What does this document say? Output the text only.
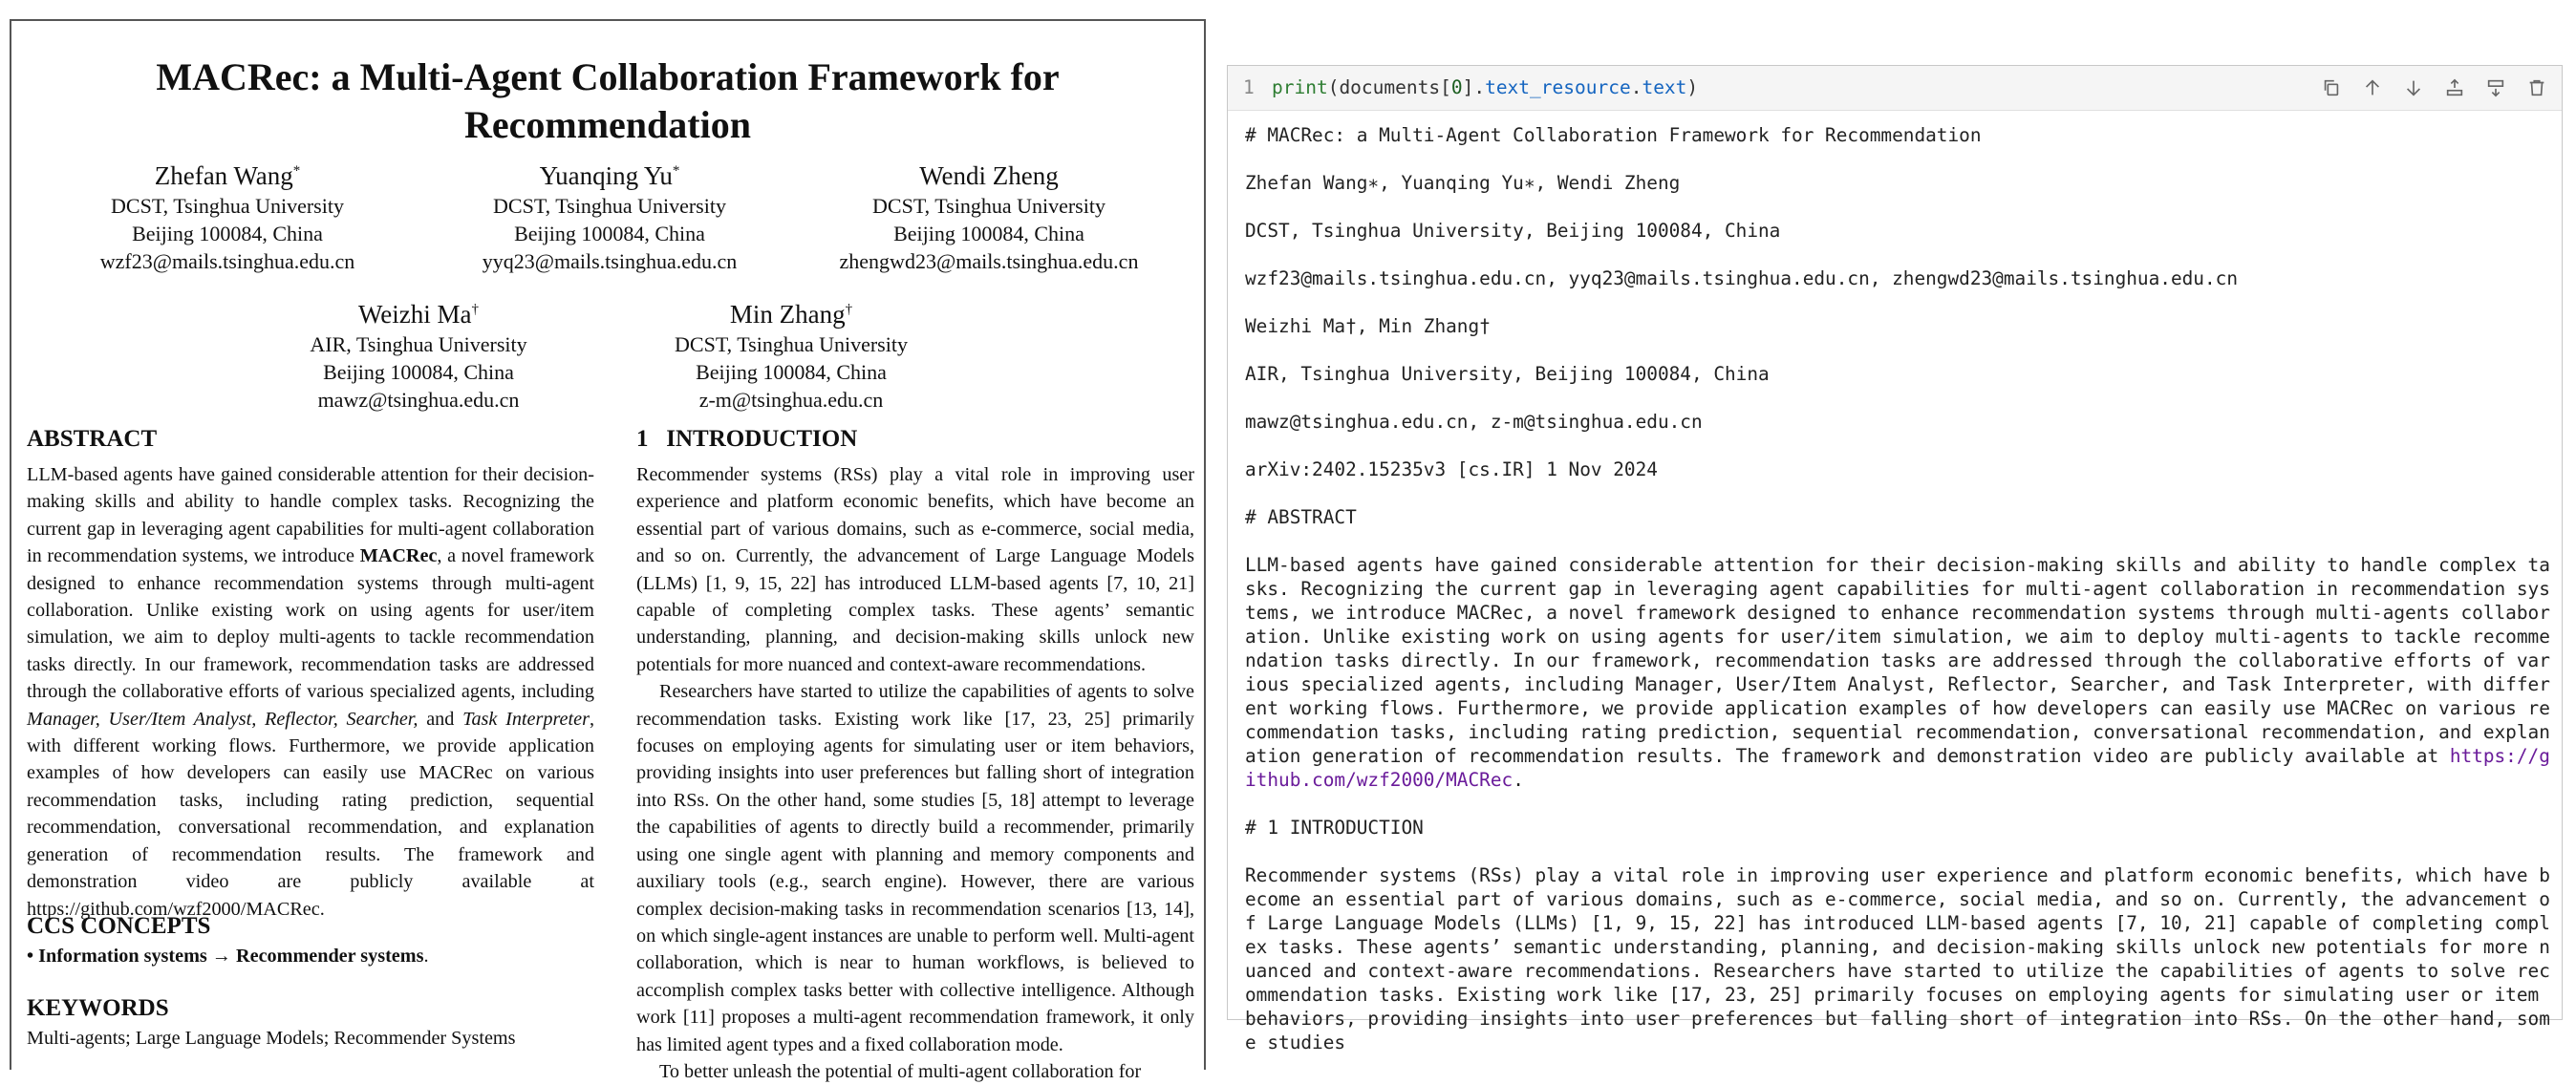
MACRec: a Multi-Agent Collaboration Framework for
Recommendation
Zhefan Wang*
DCST, Tsinghua University
Beijing 100084, China
wzf23@mails.tsinghua.edu.cn
Yuanqing Yu*
DCST, Tsinghua University
Beijing 100084, China
yyq23@mails.tsinghua.edu.cn
Wendi Zheng
DCST, Tsinghua University
Beijing 100084, China
zhengwd23@mails.tsinghua.edu.cn
Weizhi Ma†
AIR, Tsinghua University
Beijing 100084, China
mawz@tsinghua.edu.cn
Min Zhang†
DCST, Tsinghua University
Beijing 100084, China
z-m@tsinghua.edu.cn
ABSTRACT

LLM-based agents have gained considerable attention for their decision-making skills and ability to handle complex tasks. Recognizing the current gap in leveraging agent capabilities for multi-agent collaboration in recommendation systems, we introduce MACRec, a novel framework designed to enhance recommendation systems through multi-agent collaboration. Unlike existing work on using agents for user/item simulation, we aim to deploy multi-agents to tackle recommendation tasks directly. In our framework, recommendation tasks are addressed through the collaborative efforts of various specialized agents, including Manager, User/Item Analyst, Reflector, Searcher, and Task Interpreter, with different working flows. Furthermore, we provide application examples of how developers can easily use MACRec on various recommendation tasks, including rating prediction, sequential recommendation, conversational recommendation, and explanation generation of recommendation results. The framework and demonstration video are publicly available at https://github.com/wzf2000/MACRec.

CCS CONCEPTS
• Information systems → Recommender systems.
KEYWORDS
Multi-agents; Large Language Models; Recommender Systems
1   INTRODUCTION

Recommender systems (RSs) play a vital role in improving user experience and platform economic benefits, which have become an essential part of various domains, such as e-commerce, social media, and so on. Currently, the advancement of Large Language Models (LLMs) [1, 9, 15, 22] has introduced LLM-based agents [7, 10, 21] capable of completing complex tasks. These agents’ semantic understanding, planning, and decision-making skills unlock new potentials for more nuanced and context-aware recommendations.

Researchers have started to utilize the capabilities of agents to solve recommendation tasks. Existing work like [17, 23, 25] primarily focuses on employing agents for simulating user or item behaviors, providing insights into user preferences but falling short of integration into RSs. On the other hand, some studies [5, 18] attempt to leverage the capabilities of agents to directly build a recommender, primarily using one single agent with planning and memory components and auxiliary tools (e.g., search engine). However, there are various complex decision-making tasks in recommendation scenarios [13, 14], on which single-agent instances are unable to perform well. Multi-agent collaboration, which is near to human workflows, is believed to accomplish complex tasks better with collective intelligence. Although work [11] proposes a multi-agent recommendation framework, it only has limited agent types and a fixed collaboration mode.

To better unleash the potential of multi-agent collaboration for

1 print(documents[0].text_resource.text)

# MACRec: a Multi-Agent Collaboration Framework for Recommendation

Zhefan Wang∗, Yuanqing Yu∗, Wendi Zheng

DCST, Tsinghua University, Beijing 100084, China

wzf23@mails.tsinghua.edu.cn, yyq23@mails.tsinghua.edu.cn, zhengwd23@mails.tsinghua.edu.cn

Weizhi Ma†, Min Zhang†

AIR, Tsinghua University, Beijing 100084, China

mawz@tsinghua.edu.cn, z-m@tsinghua.edu.cn

arXiv:2402.15235v3 [cs.IR] 1 Nov 2024

# ABSTRACT

LLM-based agents have gained considerable attention for their decision-making skills and ability to handle complex tasks. Recognizing the current gap in leveraging agent capabilities for multi-agent collaboration in recommendation systems, we introduce MACRec, a novel framework designed to enhance recommendation systems through multi-agents collaboration. Unlike existing work on using agents for user/item simulation, we aim to deploy multi-agents to tackle recommendation tasks directly. In our framework, recommendation tasks are addressed through the collaborative efforts of various specialized agents, including Manager, User/Item Analyst, Reflector, Searcher, and Task Interpreter, with different working flows. Furthermore, we provide application examples of how developers can easily use MACRec on various recommendation tasks, including rating prediction, sequential recommendation, conversational recommendation, and explanation generation of recommendation results. The framework and demonstration video are publicly available at https://github.com/wzf2000/MACRec.

# 1 INTRODUCTION

Recommender systems (RSs) play a vital role in improving user experience and platform economic benefits, which have become an essential part of various domains, such as e-commerce, social media, and so on. Currently, the advancement of Large Language Models (LLMs) [1, 9, 15, 22] has introduced LLM-based agents [7, 10, 21] capable of completing complex tasks. These agents’ semantic understanding, planning, and decision-making skills unlock new potentials for more nuanced and context-aware recommendations. Researchers have started to utilize the capabilities of agents to solve recommendation tasks. Existing work like [17, 23, 25] primarily focuses on employing agents for simulating user or item behaviors, providing insights into user preferences but falling short of integration into RSs. On the other hand, some studies
